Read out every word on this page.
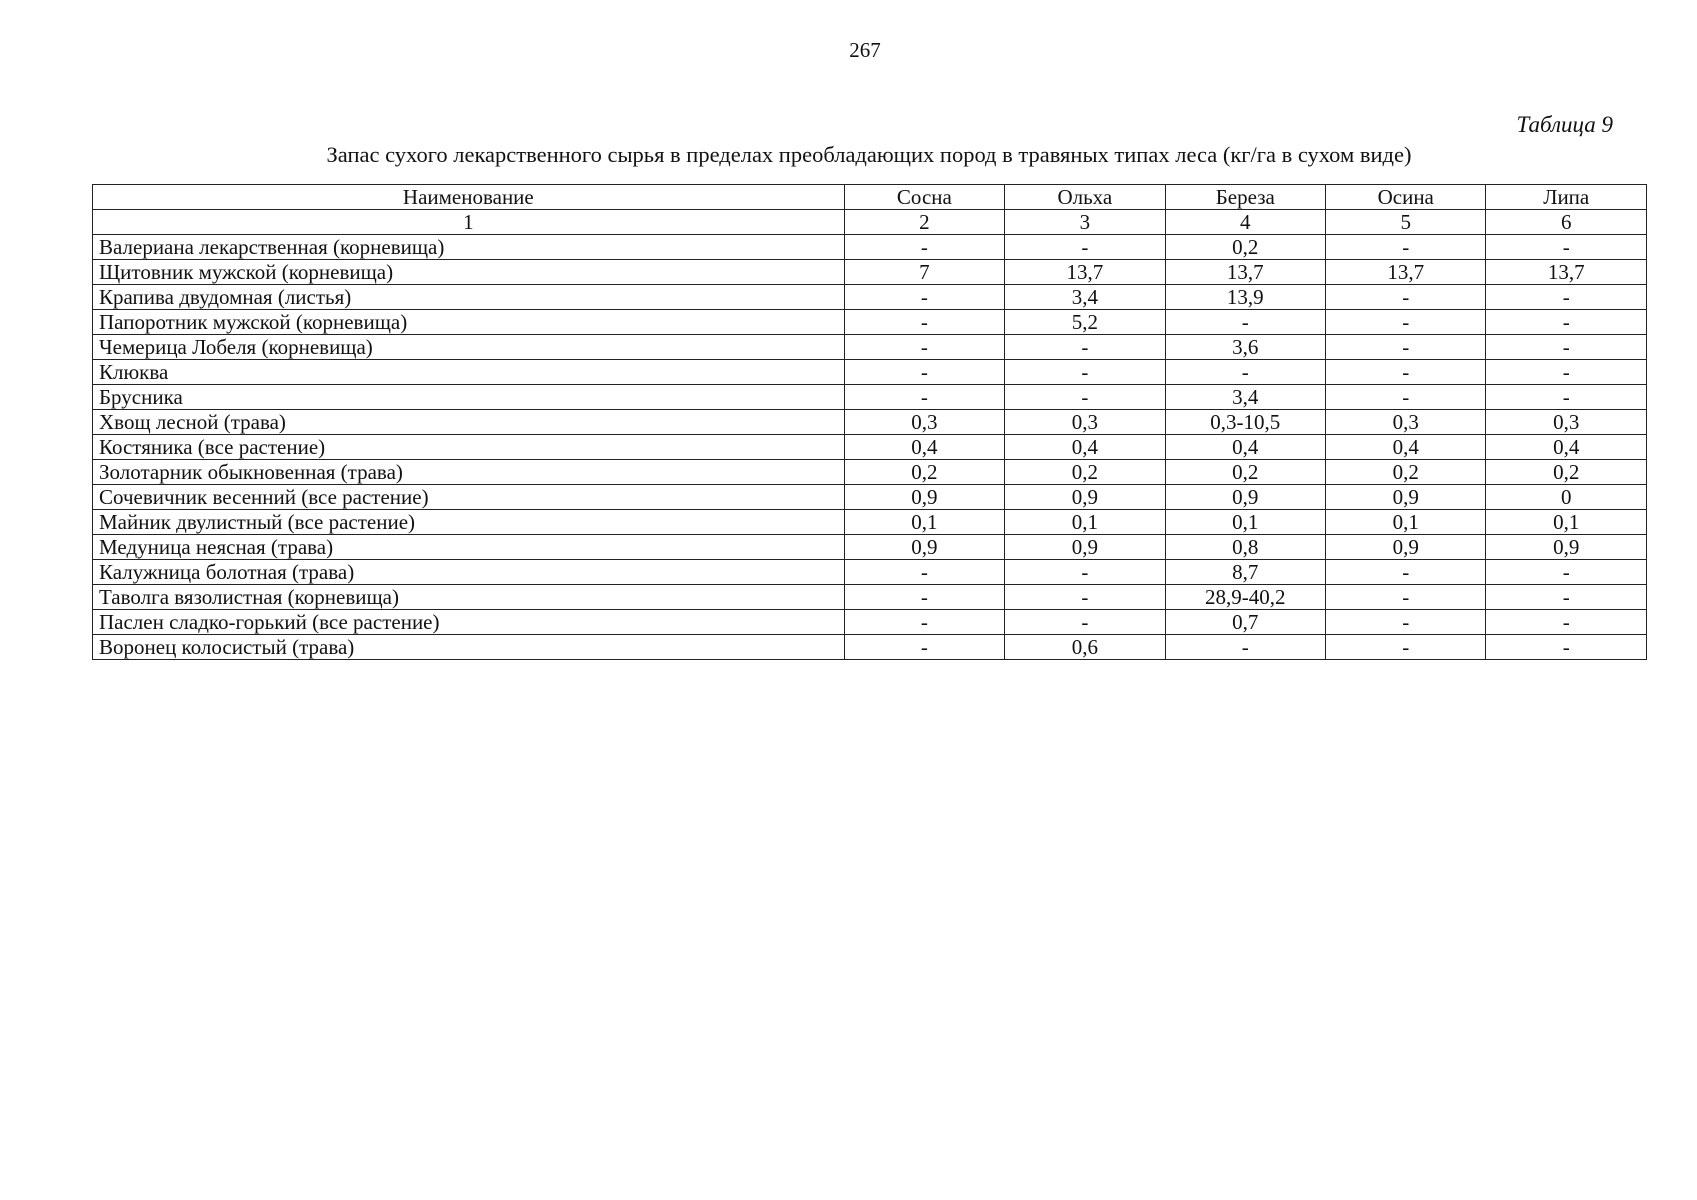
267
Таблица 9
Запас сухого лекарственного сырья в пределах преобладающих пород в травяных типах леса (кг/га в сухом виде)
Наименование	Сосна	Ольха	Береза	Осина	Липа
1	2	3	4	5	6
Валериана лекарственная (корневища)	-	-	0,2	-	-
Щитовник мужской (корневища)	7	13,7	13,7	13,7	13,7
Крапива двудомная (листья)	-	3,4	13,9	-	-
Папоротник мужской (корневища)	-	5,2	-	-	-
Чемерица Лобеля (корневища)	-	-	3,6	-	-
Клюква	-	-	-	-	-
Брусника	-	-	3,4	-	-
Хвощ лесной (трава)	0,3	0,3	0,3-10,5	0,3	0,3
Костяника (все растение)	0,4	0,4	0,4	0,4	0,4
Золотарник обыкновенная (трава)	0,2	0,2	0,2	0,2	0,2
Сочевичник весенний (все растение)	0,9	0,9	0,9	0,9	0
Майник двулистный (все растение)	0,1	0,1	0,1	0,1	0,1
Медуница неясная (трава)	0,9	0,9	0,8	0,9	0,9
Калужница болотная (трава)	-	-	8,7	-	-
Таволга вязолистная (корневища)	-	-	28,9-40,2	-	-
Паслен сладко-горький (все растение)	-	-	0,7	-	-
Воронец колосистый (трава)	-	0,6	-	-	-
